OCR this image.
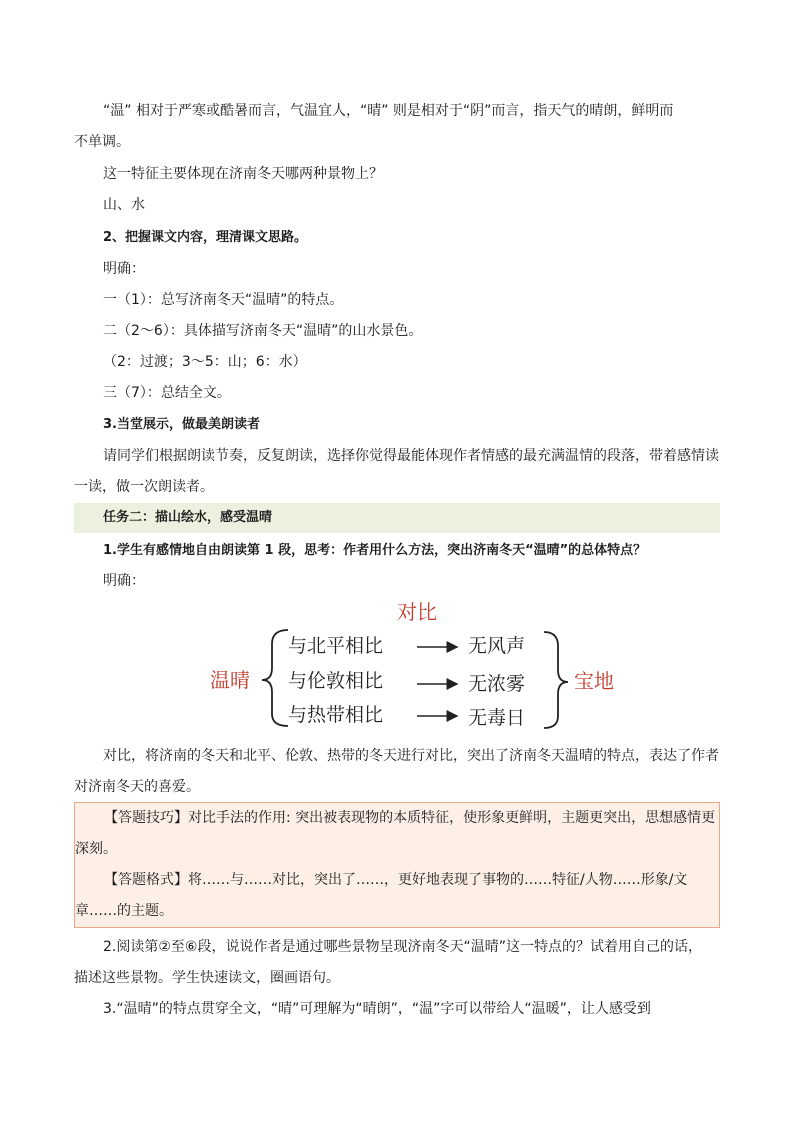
“温” 相对于严寒或酷暑而言，气温宜人，“晴” 则是相对于“阴”而言，指天气的晴朗，鲜明而
不单调。
这一特征主要体现在济南冬天哪两种景物上？
山、水
2、把握课文内容，理清课文思路。
明确：
一（1）：总写济南冬天“温晴”的特点。
二（2～6）：具体描写济南冬天“温晴”的山水景色。
（2：过渡；3～5：山；6：水）
三（7）：总结全文。
3.当堂展示，做最美朗读者
请同学们根据朗读节奏，反复朗读，选择你觉得最能体现作者情感的最充满温情的段落，带着感情读
一读，做一次朗读者。
任务二：描山绘水，感受温晴
1.学生有感情地自由朗读第 1 段，思考：作者用什么方法，突出济南冬天“温晴”的总体特点？
明确：
对比
温晴	宝地
与北平相比	无风声
与伦敦相比	无浓雾
与热带相比	无毒日
对比，将济南的冬天和北平、伦敦、热带的冬天进行对比，突出了济南冬天温晴的特点，表达了作者
对济南冬天的喜爱。
【答题技巧】对比手法的作用: 突出被表现物的本质特征，使形象更鲜明，主题更突出，思想感情更
深刻。
【答题格式】将……与……对比，突出了……，更好地表现了事物的……特征/人物……形象/文
章……的主题。
2.阅读第②至⑥段，说说作者是通过哪些景物呈现济南冬天“温晴”这一特点的？试着用自己的话，
描述这些景物。学生快速读文，圈画语句。
3.“温晴”的特点贯穿全文，“晴”可理解为“晴朗”，“温”字可以带给人“温暖”，让人感受到
